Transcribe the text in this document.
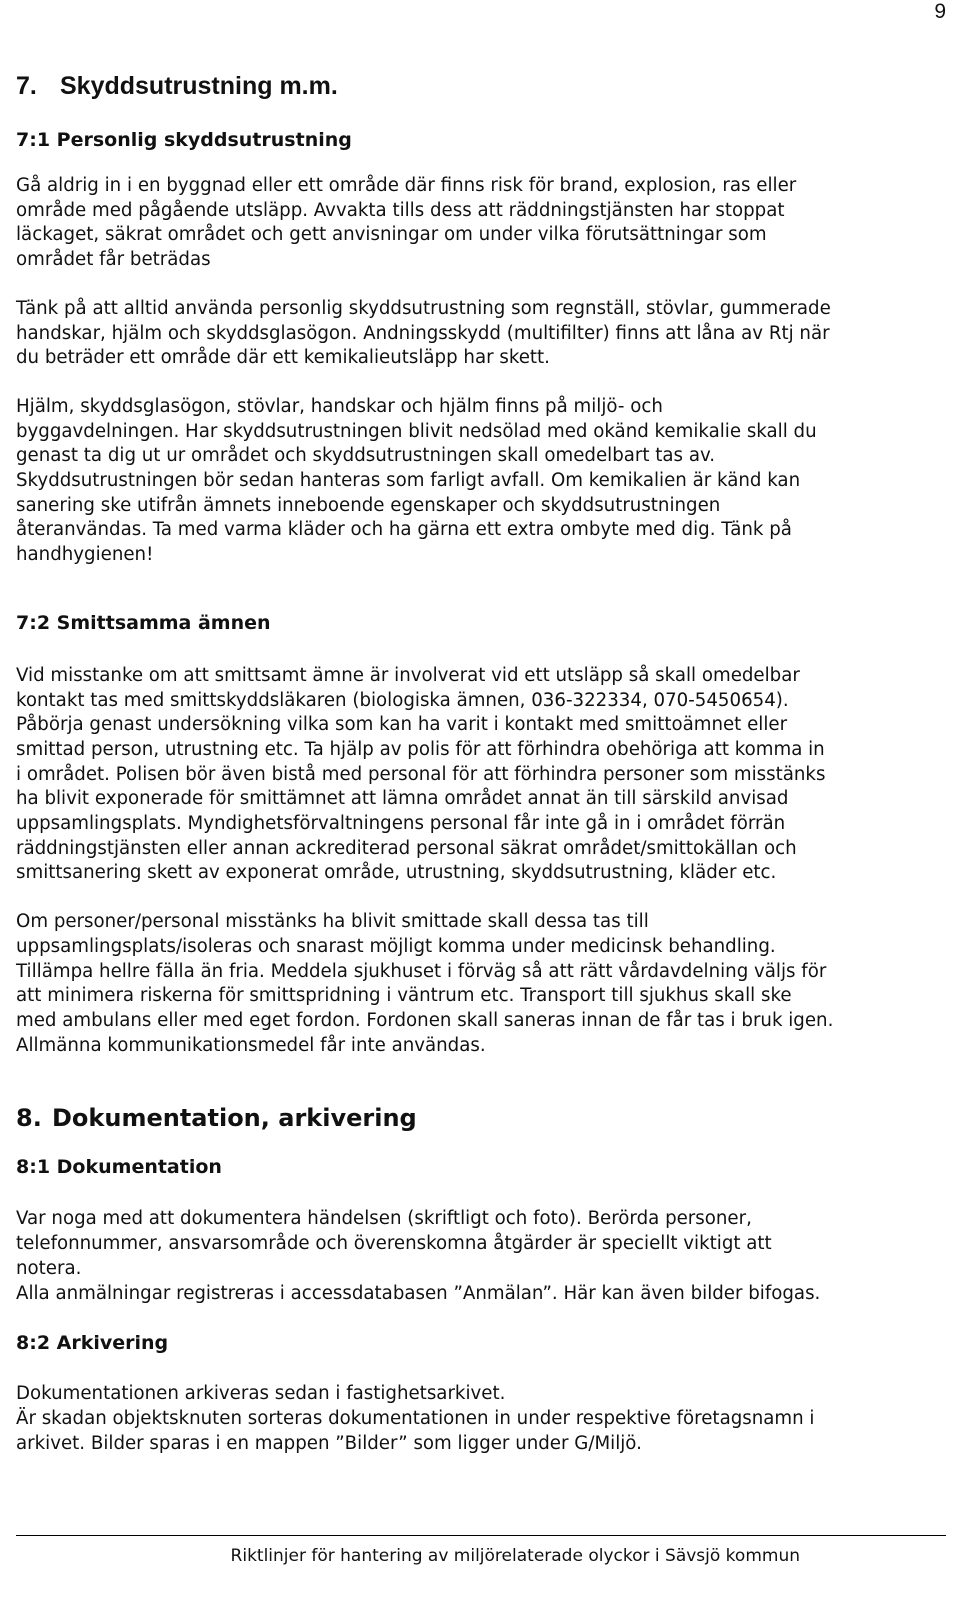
9
7. Skyddsutrustning m.m.
7:1 Personlig skyddsutrustning

Gå aldrig in i en byggnad eller ett område där finns risk för brand, explosion, ras eller

område med pågående utsläpp. Avvakta tills dess att räddningstjänsten har stoppat

läckaget, säkrat området och gett anvisningar om under vilka förutsättningar som

området får beträdas

Tänk på att alltid använda personlig skyddsutrustning som regnställ, stövlar, gummerade

handskar, hjälm och skyddsglasögon. Andningsskydd (multifilter) finns att låna av Rtj när

du beträder ett område där ett kemikalieutsläpp har skett.

Hjälm, skyddsglasögon, stövlar, handskar och hjälm finns på miljö- och

byggavdelningen. Har skyddsutrustningen blivit nedsölad med okänd kemikalie skall du

genast ta dig ut ur området och skyddsutrustningen skall omedelbart tas av.

Skyddsutrustningen bör sedan hanteras som farligt avfall. Om kemikalien är känd kan

sanering ske utifrån ämnets inneboende egenskaper och skyddsutrustningen

återanvändas. Ta med varma kläder och ha gärna ett extra ombyte med dig. Tänk på

handhygienen!

7:2 Smittsamma ämnen

Vid misstanke om att smittsamt ämne är involverat vid ett utsläpp så skall omedelbar

kontakt tas med smittskyddsläkaren (biologiska ämnen, 036-322334, 070-5450654).

Påbörja genast undersökning vilka som kan ha varit i kontakt med smittoämnet eller

smittad person, utrustning etc. Ta hjälp av polis för att förhindra obehöriga att komma in

i området. Polisen bör även bistå med personal för att förhindra personer som misstänks

ha blivit exponerade för smittämnet att lämna området annat än till särskild anvisad

uppsamlingsplats. Myndighetsförvaltningens personal får inte gå in i området förrän

räddningstjänsten eller annan ackrediterad personal säkrat området/smittokällan och

smittsanering skett av exponerat område, utrustning, skyddsutrustning, kläder etc.

Om personer/personal misstänks ha blivit smittade skall dessa tas till

uppsamlingsplats/isoleras och snarast möjligt komma under medicinsk behandling.

Tillämpa hellre fälla än fria. Meddela sjukhuset i förväg så att rätt vårdavdelning väljs för

att minimera riskerna för smittspridning i väntrum etc. Transport till sjukhus skall ske

med ambulans eller med eget fordon. Fordonen skall saneras innan de får tas i bruk igen.

Allmänna kommunikationsmedel får inte användas.

8. Dokumentation, arkivering
8:1 Dokumentation

Var noga med att dokumentera händelsen (skriftligt och foto). Berörda personer,

telefonnummer, ansvarsområde och överenskomna åtgärder är speciellt viktigt att

notera.

Alla anmälningar registreras i accessdatabasen ”Anmälan”. Här kan även bilder bifogas.

8:2 Arkivering

Dokumentationen arkiveras sedan i fastighetsarkivet.

Är skadan objektsknuten sorteras dokumentationen in under respektive företagsnamn i

arkivet. Bilder sparas i en mappen ”Bilder” som ligger under G/Miljö.

Riktlinjer för hantering av miljörelaterade olyckor i Sävsjö kommun
